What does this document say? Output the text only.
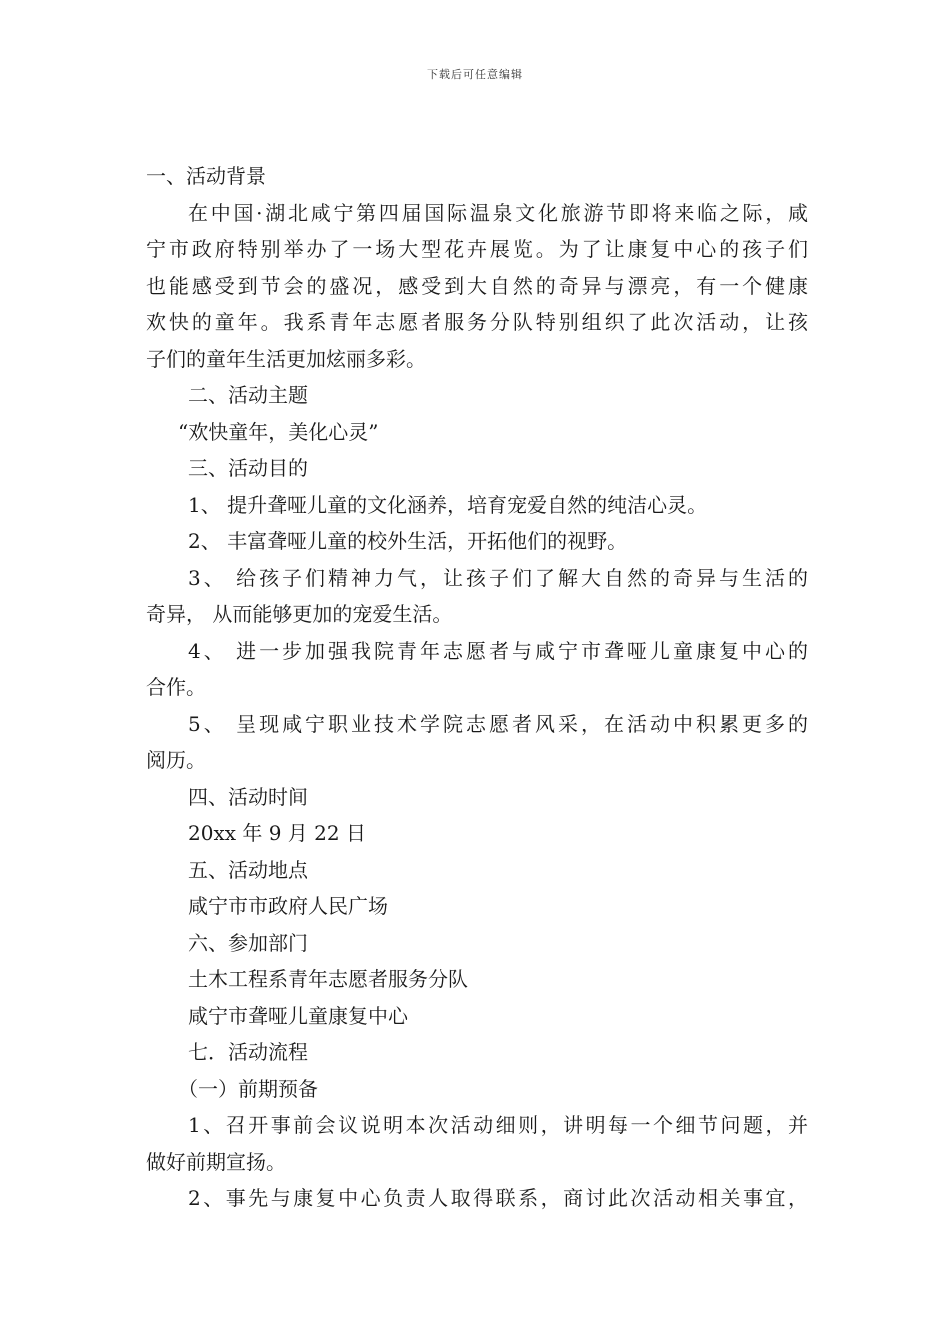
下载后可任意编辑

一、活动背景

在中国·湖北咸宁第四届国际温泉文化旅游节即将来临之际，咸
宁市政府特别举办了一场大型花卉展览。为了让康复中心的孩子们
也能感受到节会的盛况，感受到大自然的奇异与漂亮，有一个健康
欢快的童年。我系青年志愿者服务分队特别组织了此次活动，让孩
子们的童年生活更加炫丽多彩。

二、活动主题

“欢快童年，美化心灵”

三、活动目的

1、 提升聋哑儿童的文化涵养，培育宠爱自然的纯洁心灵。

2、 丰富聋哑儿童的校外生活，开拓他们的视野。

3、 给孩子们精神力气，让孩子们了解大自然的奇异与生活的
奇异， 从而能够更加的宠爱生活。
4、 进一步加强我院青年志愿者与咸宁市聋哑儿童康复中心的
合作。
5、 呈现咸宁职业技术学院志愿者风采，在活动中积累更多的
阅历。

四、活动时间

20xx 年 9 月 22 日

五、活动地点

咸宁市市政府人民广场

六、参加部门

土木工程系青年志愿者服务分队

咸宁市聋哑儿童康复中心

七．活动流程

（一）前期预备

1、召开事前会议说明本次活动细则，讲明每一个细节问题，并
做好前期宣扬。
2、事先与康复中心负责人取得联系，商讨此次活动相关事宜，
